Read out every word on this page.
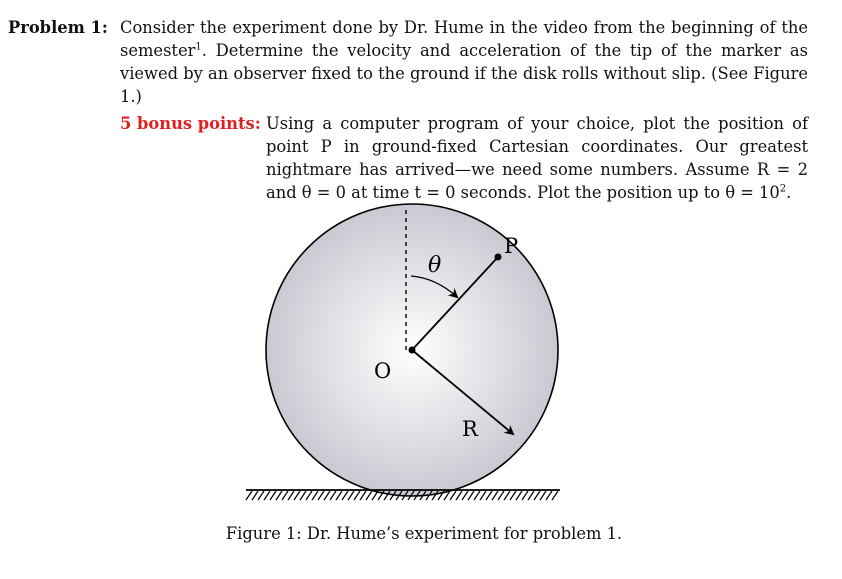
Problem 1: Consider the experiment done by Dr. Hume in the video from the beginning of the semester$^1$. Determine the velocity and acceleration of the tip of the marker as viewed by an observer fixed to the ground if the disk rolls without slip. (See Figure 1.)
5 bonus points: Using a computer program of your choice, plot the position of point P in ground-fixed Cartesian coordinates. Our greatest nightmare has arrived—we need some numbers. Assume R = 2 and θ = 0 at time t = 0 seconds. Plot the position up to $\theta = 10^2$.
θ
P
O
R
Figure 1: Dr. Hume’s experiment for problem 1.
